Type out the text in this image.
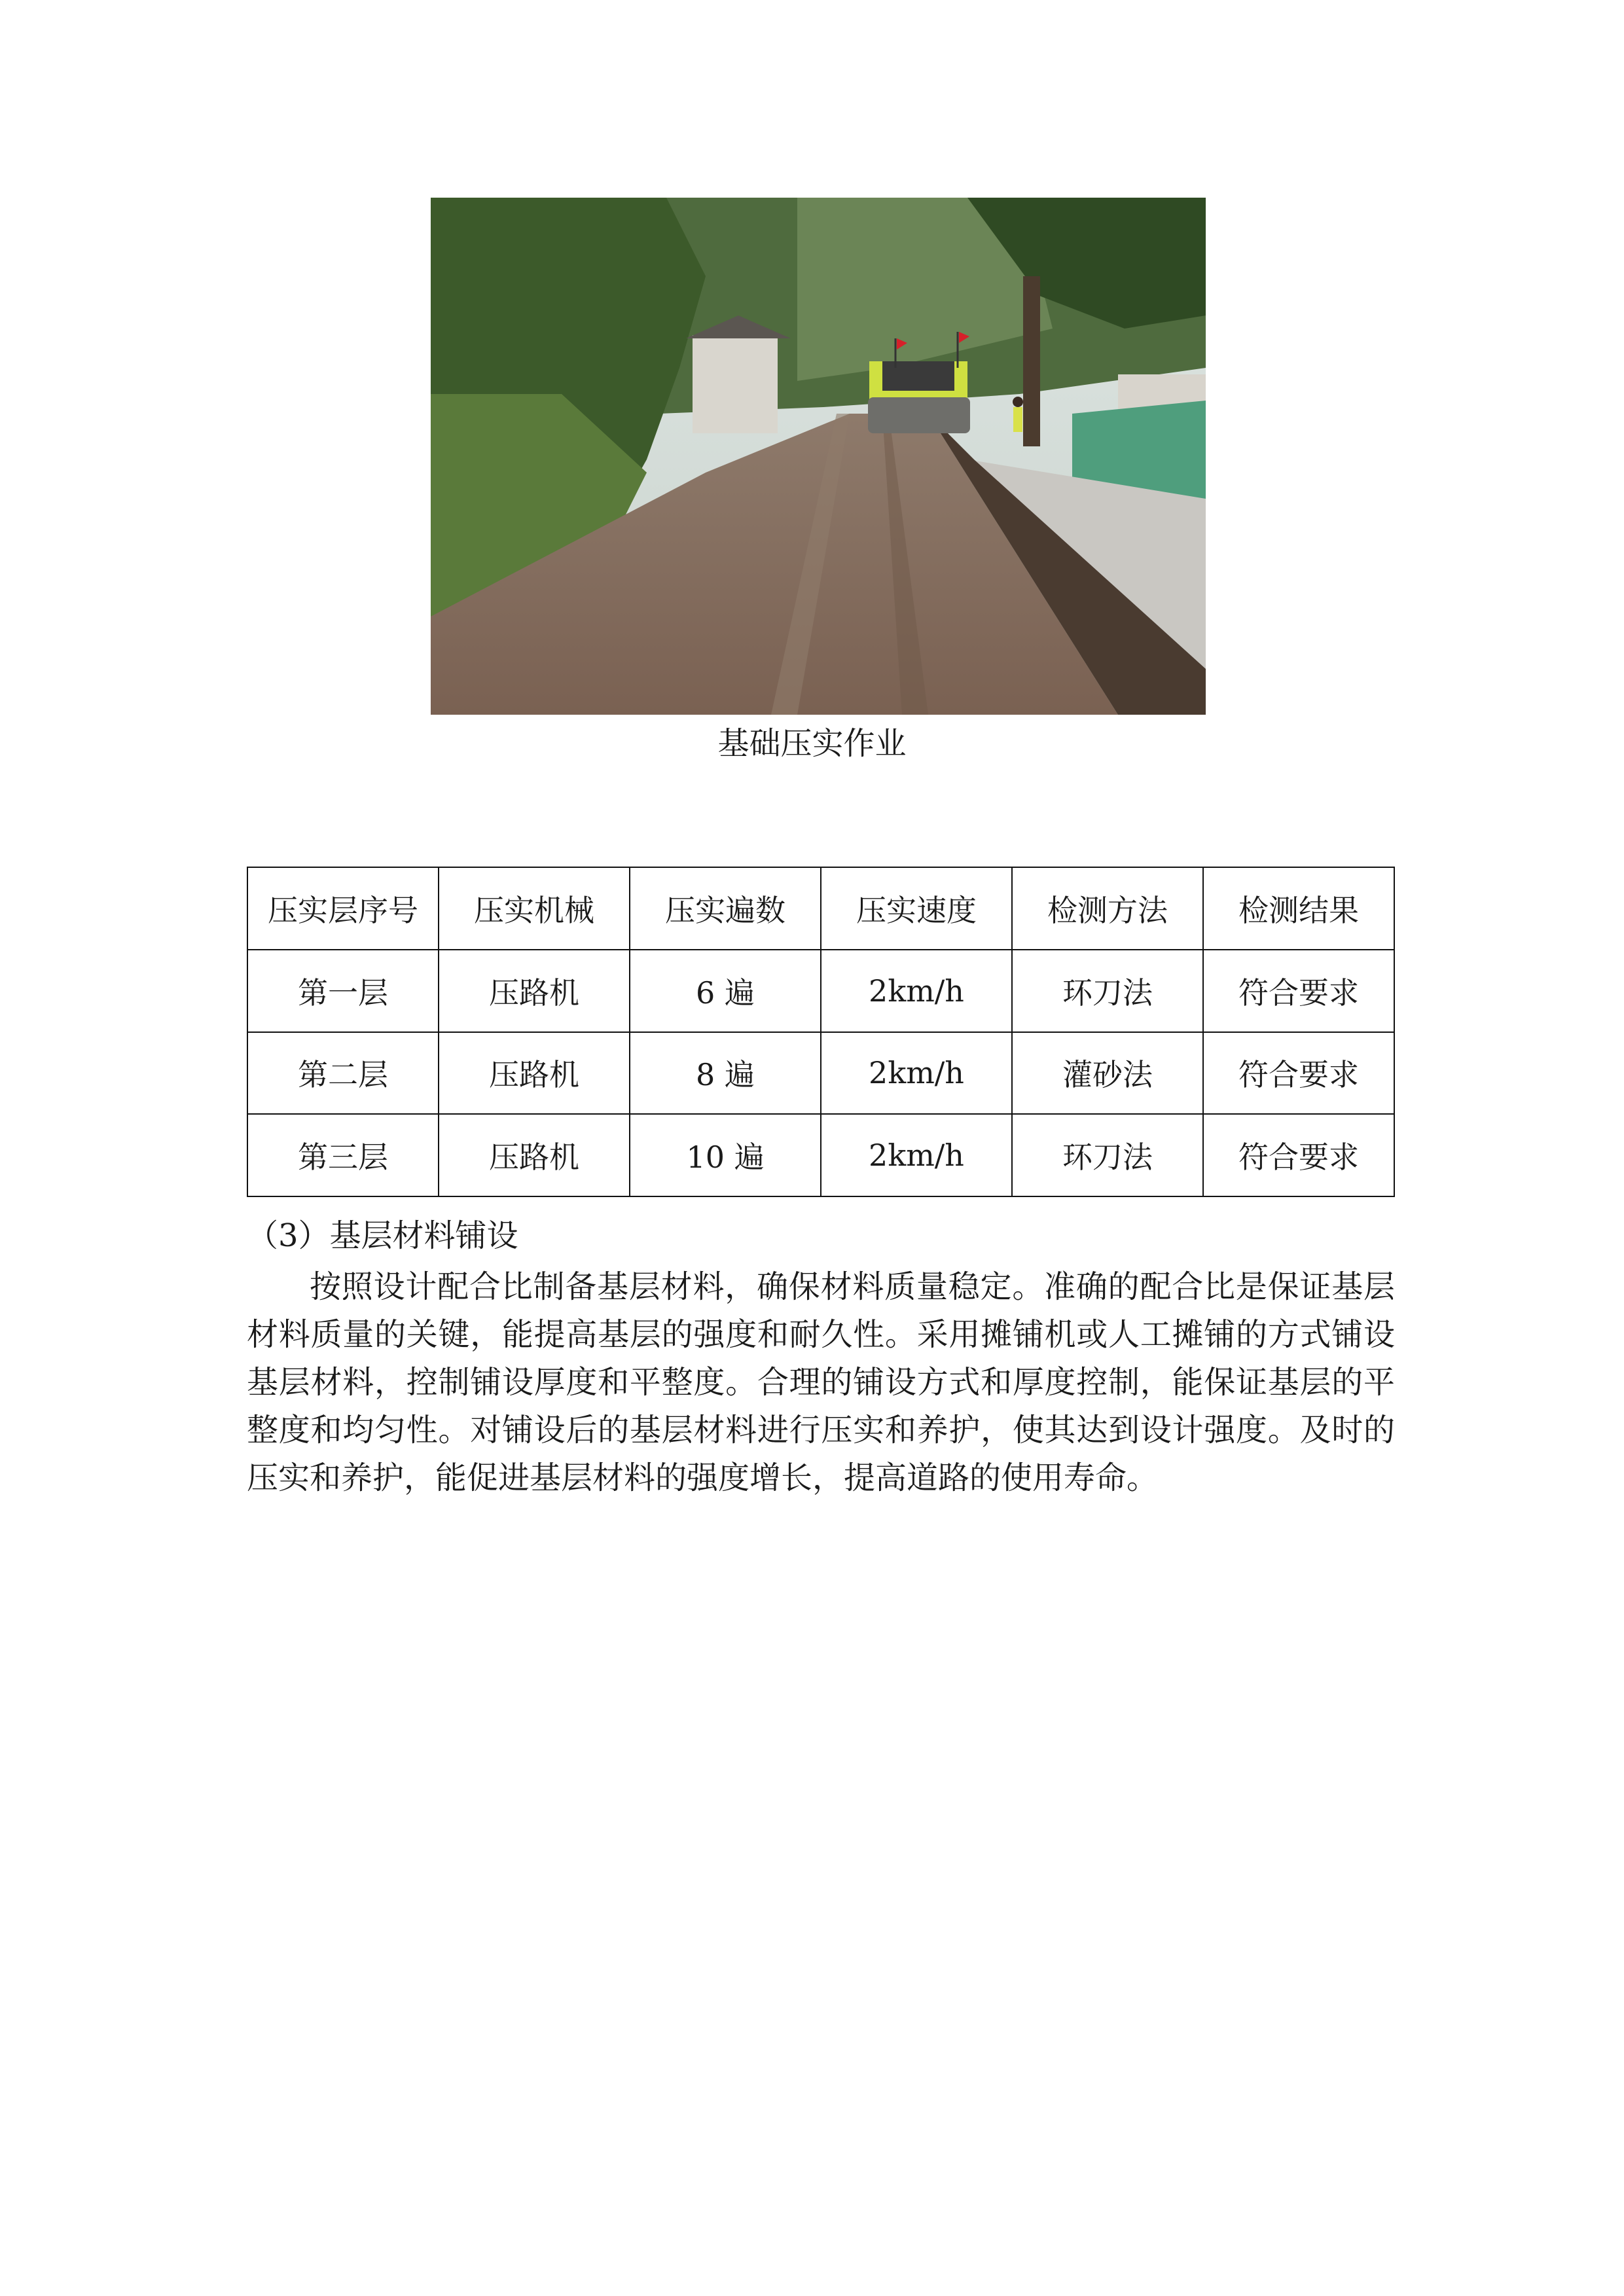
基础压实作业
压实层序号	压实机械	压实遍数	压实速度	检测方法	检测结果
第一层	压路机	6 遍	2km/h	环刀法	符合要求
第二层	压路机	8 遍	2km/h	灌砂法	符合要求
第三层	压路机	10 遍	2km/h	环刀法	符合要求
（3）基层材料铺设

按照设计配合比制备基层材料，确保材料质量稳定。准确的配合比是保证基层材料质量的关键，能提高基层的强度和耐久性。采用摊铺机或人工摊铺的方式铺设基层材料，控制铺设厚度和平整度。合理的铺设方式和厚度控制，能保证基层的平整度和均匀性。对铺设后的基层材料进行压实和养护，使其达到设计强度。及时的压实和养护，能促进基层材料的强度增长，提高道路的使用寿命。
